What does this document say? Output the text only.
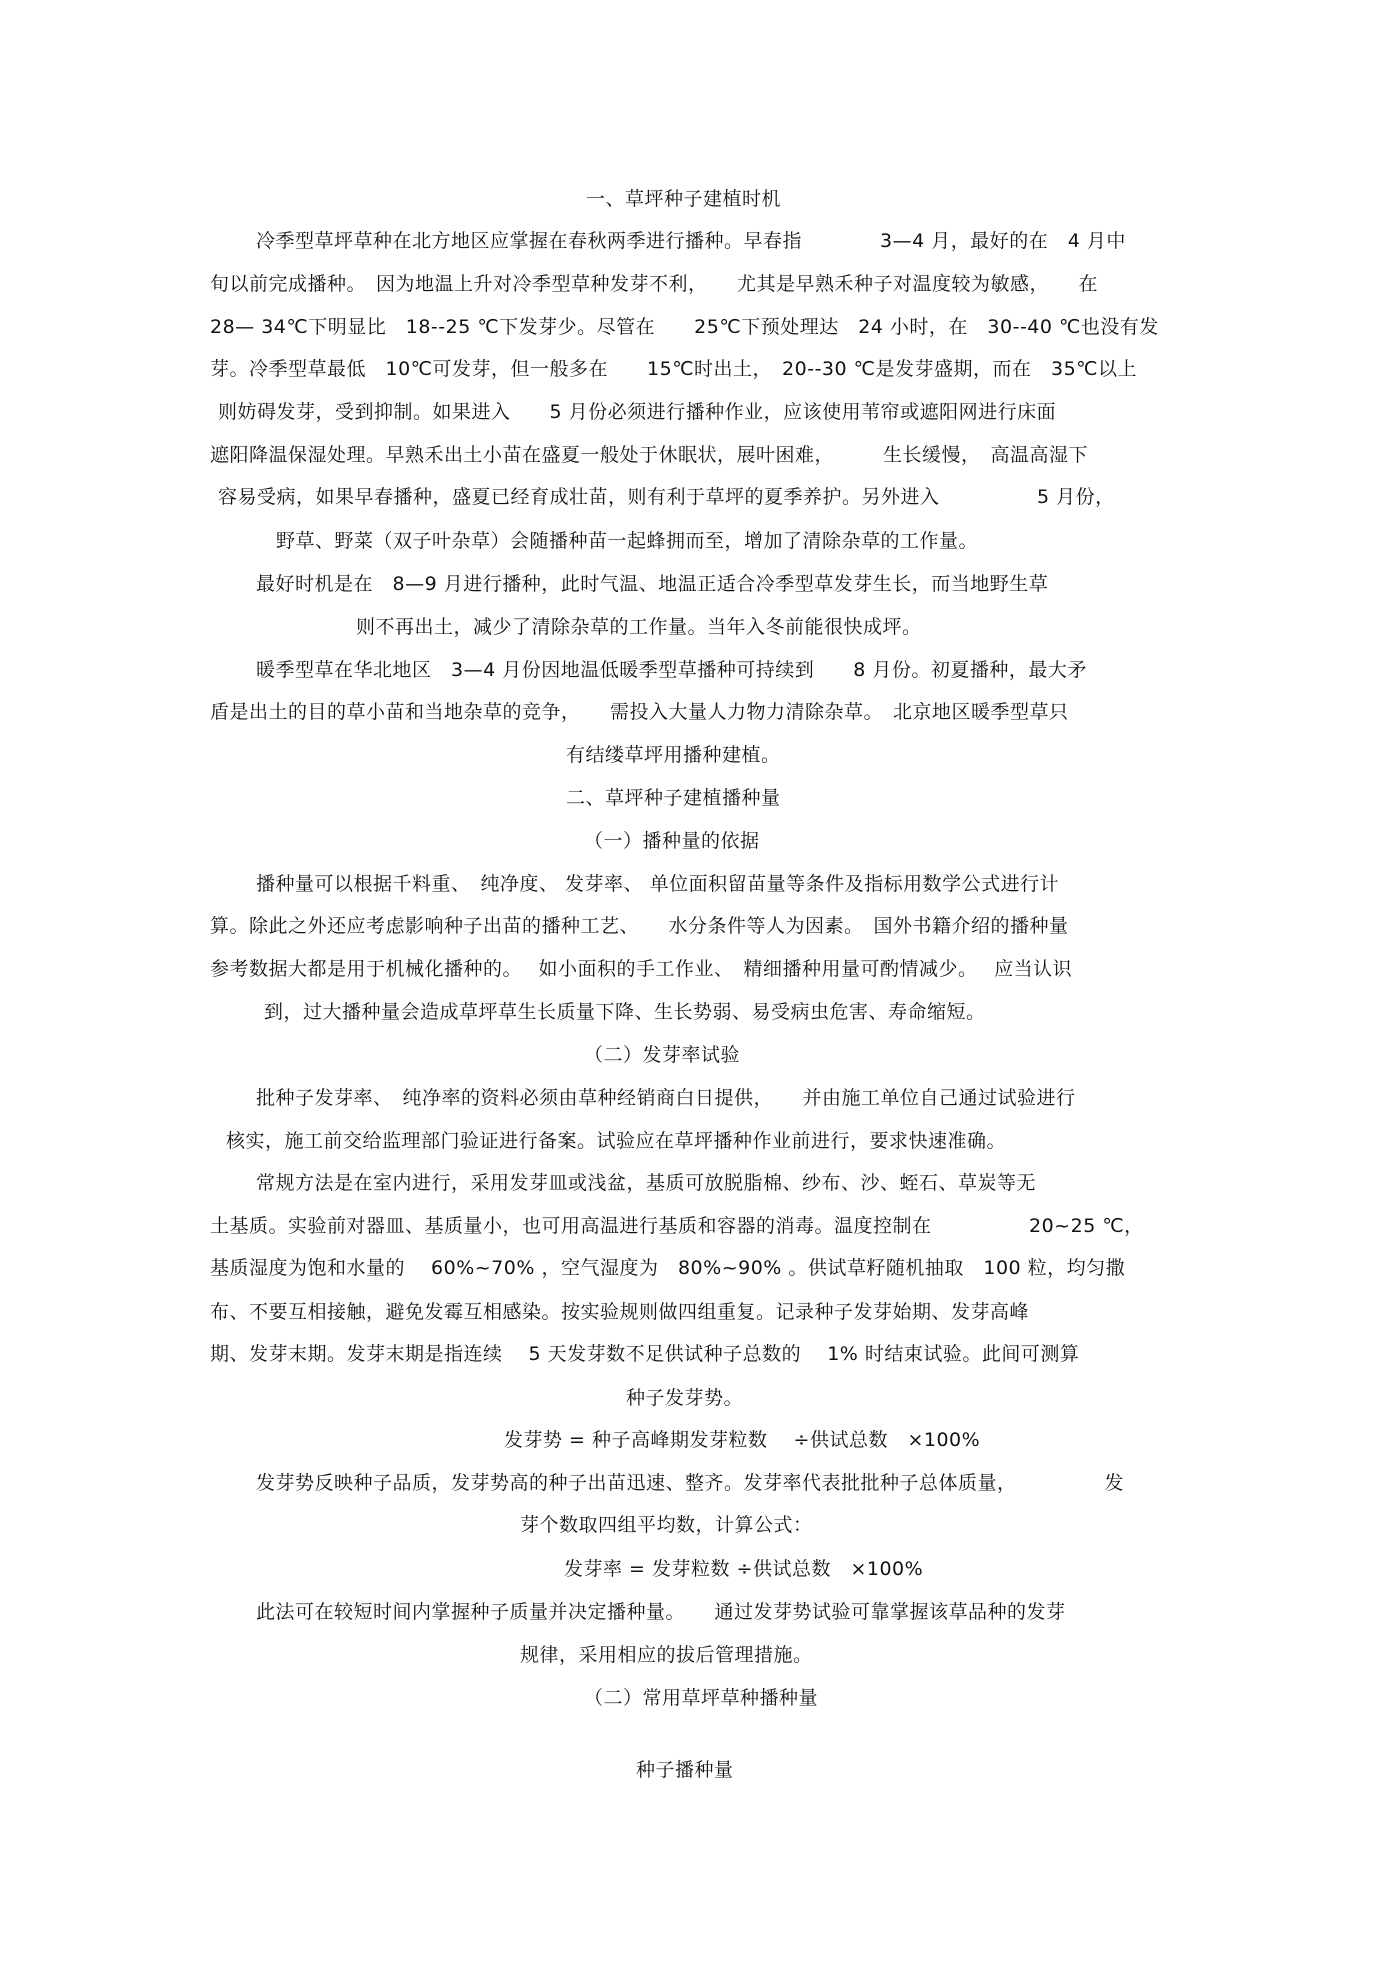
一、草坪种子建植时机
冷季型草坪草种在北方地区应掌握在春秋两季进行播种。早春指　　　　3—4 月，最好的在　4 月中
旬以前完成播种。　因为地温上升对冷季型草种发芽不利，　　尤其是早熟禾种子对温度较为敏感，　　在
28— 34℃下明显比　18--25 ℃下发芽少。尽管在　　25℃下预处理达　24 小时，在　30--40 ℃也没有发
芽。冷季型草最低　10℃可发芽，但一般多在　　15℃时出土，　20--30 ℃是发芽盛期，而在　35℃以上
则妨碍发芽，受到抑制。如果进入　　5 月份必须进行播种作业，应该使用苇帘或遮阳网进行床面
遮阳降温保湿处理。早熟禾出土小苗在盛夏一般处于休眠状，展叶困难，　　　生长缓慢，　高温高湿下
容易受病，如果早春播种，盛夏已经育成壮苗，则有利于草坪的夏季养护。另外进入　　　　　5 月份，
野草、野菜（双子叶杂草）会随播种苗一起蜂拥而至，增加了清除杂草的工作量。
最好时机是在　8—9 月进行播种，此时气温、地温正适合冷季型草发芽生长，而当地野生草
则不再出土，减少了清除杂草的工作量。当年入冬前能很快成坪。
暖季型草在华北地区　3—4 月份因地温低暖季型草播种可持续到　　8 月份。初夏播种，最大矛
盾是出土的目的草小苗和当地杂草的竞争，　　需投入大量人力物力清除杂草。　北京地区暖季型草只
有结缕草坪用播种建植。
二、草坪种子建植播种量
（一）播种量的依据
播种量可以根据千料重、　纯净度、 发芽率、 单位面积留苗量等条件及指标用数学公式进行计
算。除此之外还应考虑影响种子出苗的播种工艺、　　水分条件等人为因素。　国外书籍介绍的播种量
参考数据大都是用于机械化播种的。　 如小面积的手工作业、　精细播种用量可酌情减少。　 应当认识
到，过大播种量会造成草坪草生长质量下降、生长势弱、易受病虫危害、寿命缩短。
（二）发芽率试验
批种子发芽率、　纯净率的资料必须由草种经销商白日提供，　　并由施工单位自己通过试验进行
核实，施工前交给监理部门验证进行备案。试验应在草坪播种作业前进行，要求快速准确。
常规方法是在室内进行，采用发芽皿或浅盆，基质可放脱脂棉、纱布、沙、蛭石、草炭等无
土基质。实验前对器皿、基质量小，也可用高温进行基质和容器的消毒。温度控制在　　　　　20~25 ℃，
基质湿度为饱和水量的　 60%~70% ，空气湿度为　80%~90% 。供试草籽随机抽取　100 粒，均匀撒
布、不要互相接触，避免发霉互相感染。按实验规则做四组重复。记录种子发芽始期、发芽高峰
期、发芽末期。发芽末期是指连续　 5 天发芽数不足供试种子总数的　 1% 时结束试验。此间可测算
种子发芽势。
发芽势 = 种子高峰期发芽粒数　 ÷供试总数　×100%
发芽势反映种子品质，发芽势高的种子出苗迅速、整齐。发芽率代表批批种子总体质量，　　　　　发
芽个数取四组平均数，计算公式：
发芽率 = 发芽粒数 ÷供试总数　×100%
此法可在较短时间内掌握种子质量并决定播种量。　　通过发芽势试验可靠掌握该草品种的发芽
规律，采用相应的拔后管理措施。
（二）常用草坪草种播种量
种子播种量
